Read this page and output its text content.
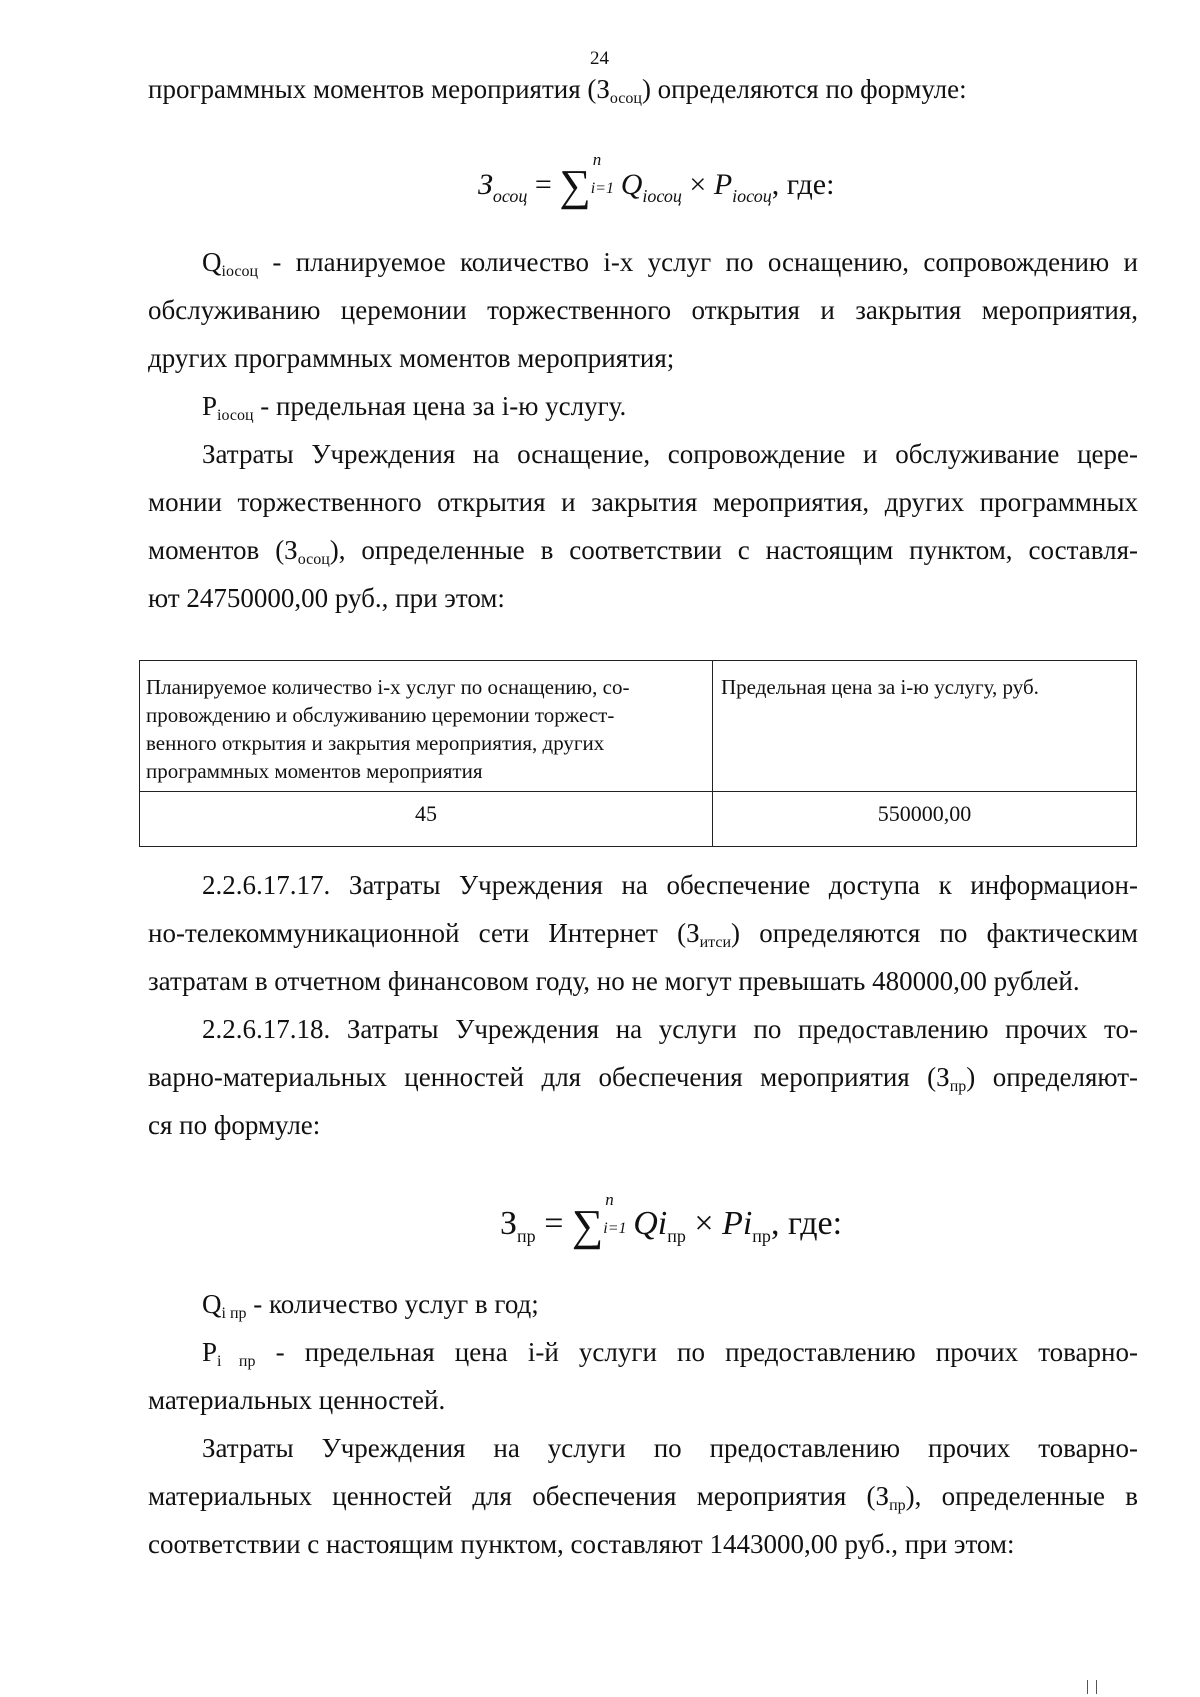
24
программных моментов мероприятия $(З_{осоц})$ определяются по формуле:
$З_{осоц}$ = ∑
n
i=1 $Q_{iосоц} \times P_{iосоц}$, где:
$Q_{iосоц}$ - планируемое количество i-х услуг по оснащению, сопровождению и
обслуживанию церемонии торжественного открытия и закрытия мероприятия,
других программных моментов мероприятия;
$P_{iосоц}$ - предельная цена за i-ю услугу.
Затраты Учреждения на оснащение, сопровождение и обслуживание цере-
монии торжественного открытия и закрытия мероприятия, других программных
моментов $(З_{осоц})$, определенные в соответствии с настоящим пунктом, составля-
ют 24750000,00 руб., при этом:
Планируемое количество i-х услуг по оснащению, со-
провождению и обслуживанию церемонии торжест-
венного открытия и закрытия мероприятия, других
программных моментов мероприятия	Предельная цена за i-ю услугу, руб.
45	550000,00
2.2.6.17.17. Затраты Учреждения на обеспечение доступа к информацион-
но-телекоммуникационной сети Интернет $(З_{итси})$ определяются по фактическим
затратам в отчетном финансовом году, но не могут превышать 480000,00 рублей.
2.2.6.17.18. Затраты Учреждения на услуги по предоставлению прочих то-
варно-материальных ценностей для обеспечения мероприятия $(З_{пр})$ определяют-
ся по формуле:
$З_{пр}$ = ∑
n
i=1 $Qi_{пр} \times Pi_{пр}$, где:
$Q_{i пр}$ - количество услуг в год;
$P_{i пр}$ - предельная цена i-й услуги по предоставлению прочих товарно-
материальных ценностей.
Затраты Учреждения на услуги по предоставлению прочих товарно-
материальных ценностей для обеспечения мероприятия $(З_{пр})$, определенные в
соответствии с настоящим пунктом, составляют 1443000,00 руб., при этом:
